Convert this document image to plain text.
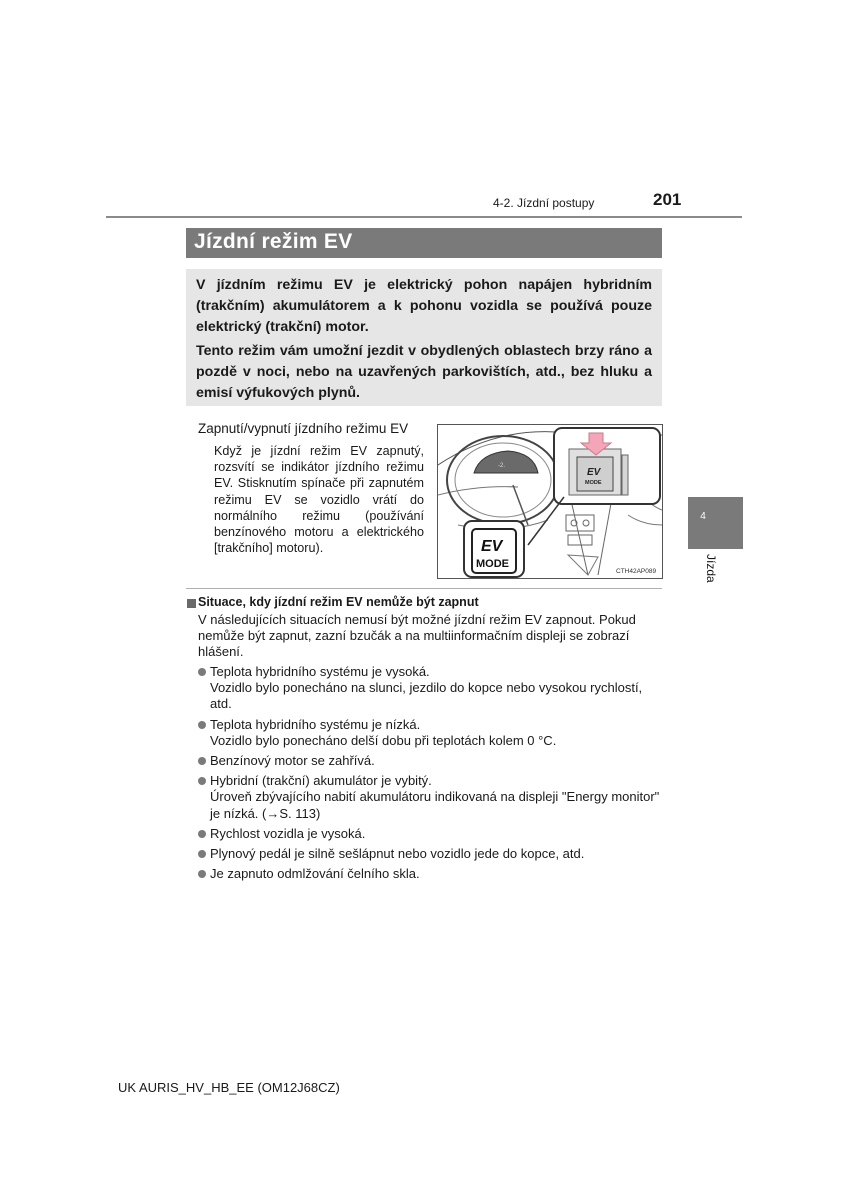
4-2. Jízdní postupy	201
Jízdní režim EV

V jízdním režimu EV je elektrický pohon napájen hybridním (trakčním) akumulátorem a k pohonu vozidla se používá pouze elektrický (trakční) motor.

Tento režim vám umožní jezdit v obydlených oblastech brzy ráno a pozdě v noci, nebo na uzavřených parkovištích, atd., bez hluku a emisí výfukových plynů.

Zapnutí/vypnutí jízdního režimu EV

Když je jízdní režim EV zapnutý, rozsvítí se indikátor jízdního režimu EV. Stisknutím spínače při zapnutém režimu EV se vozidlo vrátí do normálního režimu (používání benzínového motoru a elektrického [trakčního] motoru).

-2.
EV
MODE
EV
MODE
CTH42AP089
4
Jízda
Situace, kdy jízdní režim EV nemůže být zapnut

V následujících situacích nemusí být možné jízdní režim EV zapnout. Pokud nemůže být zapnut, zazní bzučák a na multiinformačním displeji se zobrazí hlášení.

Teplota hybridního systému je vysoká.
Vozidlo bylo ponecháno na slunci, jezdilo do kopce nebo vysokou rychlostí, atd.
Teplota hybridního systému je nízká.
Vozidlo bylo ponecháno delší dobu při teplotách kolem 0 °C.
Benzínový motor se zahřívá.
Hybridní (trakční) akumulátor je vybitý.
Úroveň zbývajícího nabití akumulátoru indikovaná na displeji "Energy monitor" je nízká. (→S. 113)
Rychlost vozidla je vysoká.
Plynový pedál je silně sešlápnut nebo vozidlo jede do kopce, atd.
Je zapnuto odmlžování čelního skla.
UK AURIS_HV_HB_EE (OM12J68CZ)
